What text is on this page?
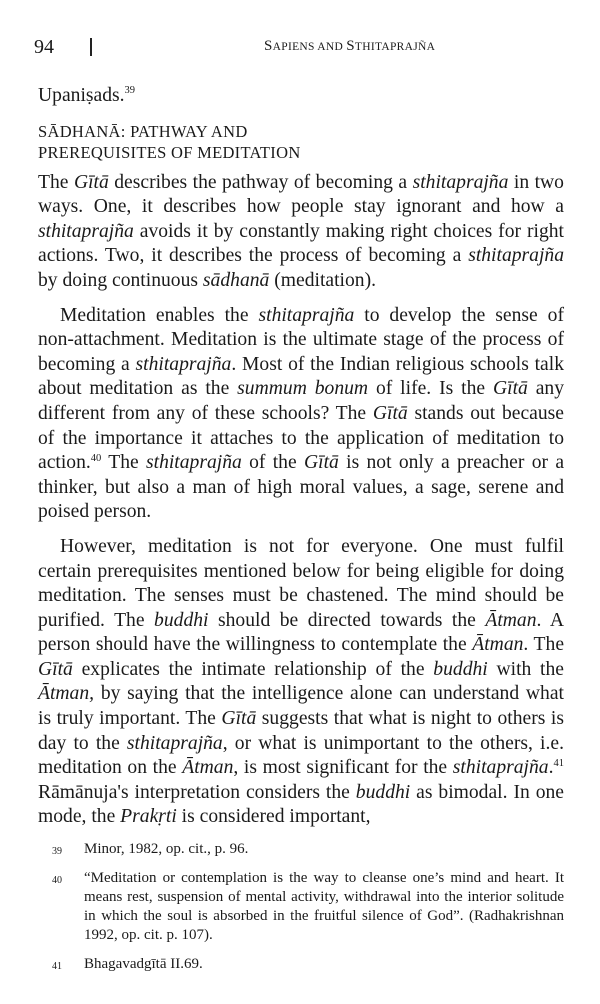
94	SAPIENS AND STHITAPRAJÑA

Upaniṣads.$^{39}$

SĀDHANĀ: PATHWAY AND
PREREQUISITES OF MEDITATION

The Gītā describes the pathway of becoming a sthitaprajña in two ways. One, it describes how people stay ignorant and how a sthitaprajña avoids it by constantly making right choices for right actions. Two, it describes the process of becoming a sthitaprajña by doing continuous sādhanā (meditation).

Meditation enables the sthitaprajña to develop the sense of non-attachment. Meditation is the ultimate stage of the process of becoming a sthitaprajña. Most of the Indian religious schools talk about meditation as the summum bonum of life. Is the Gītā any different from any of these schools? The Gītā stands out because of the importance it attaches to the application of meditation to action.$^{40}$ The sthitaprajña of the Gītā is not only a preacher or a thinker, but also a man of high moral values, a sage, serene and poised person.

However, meditation is not for everyone. One must fulfil certain prerequisites mentioned below for being eligible for doing meditation. The senses must be chastened. The mind should be purified. The buddhi should be directed towards the Ātman. A person should have the willingness to contemplate the Ātman. The Gītā explicates the intimate relationship of the buddhi with the Ātman, by saying that the intelligence alone can understand what is truly important. The Gītā suggests that what is night to others is day to the sthitaprajña, or what is unimportant to the others, i.e. meditation on the Ātman, is most significant for the sthitaprajña.$^{41}$ Rāmānuja's interpretation considers the buddhi as bimodal. In one mode, the Prakṛti is considered important,

39 Minor, 1982, op. cit., p. 96.
40 “Meditation or contemplation is the way to cleanse one’s mind and heart. It means rest, suspension of mental activity, withdrawal into the interior solitude in which the soul is absorbed in the fruitful silence of God”. (Radhakrishnan 1992, op. cit. p. 107).
41 Bhagavadgītā II.69.
